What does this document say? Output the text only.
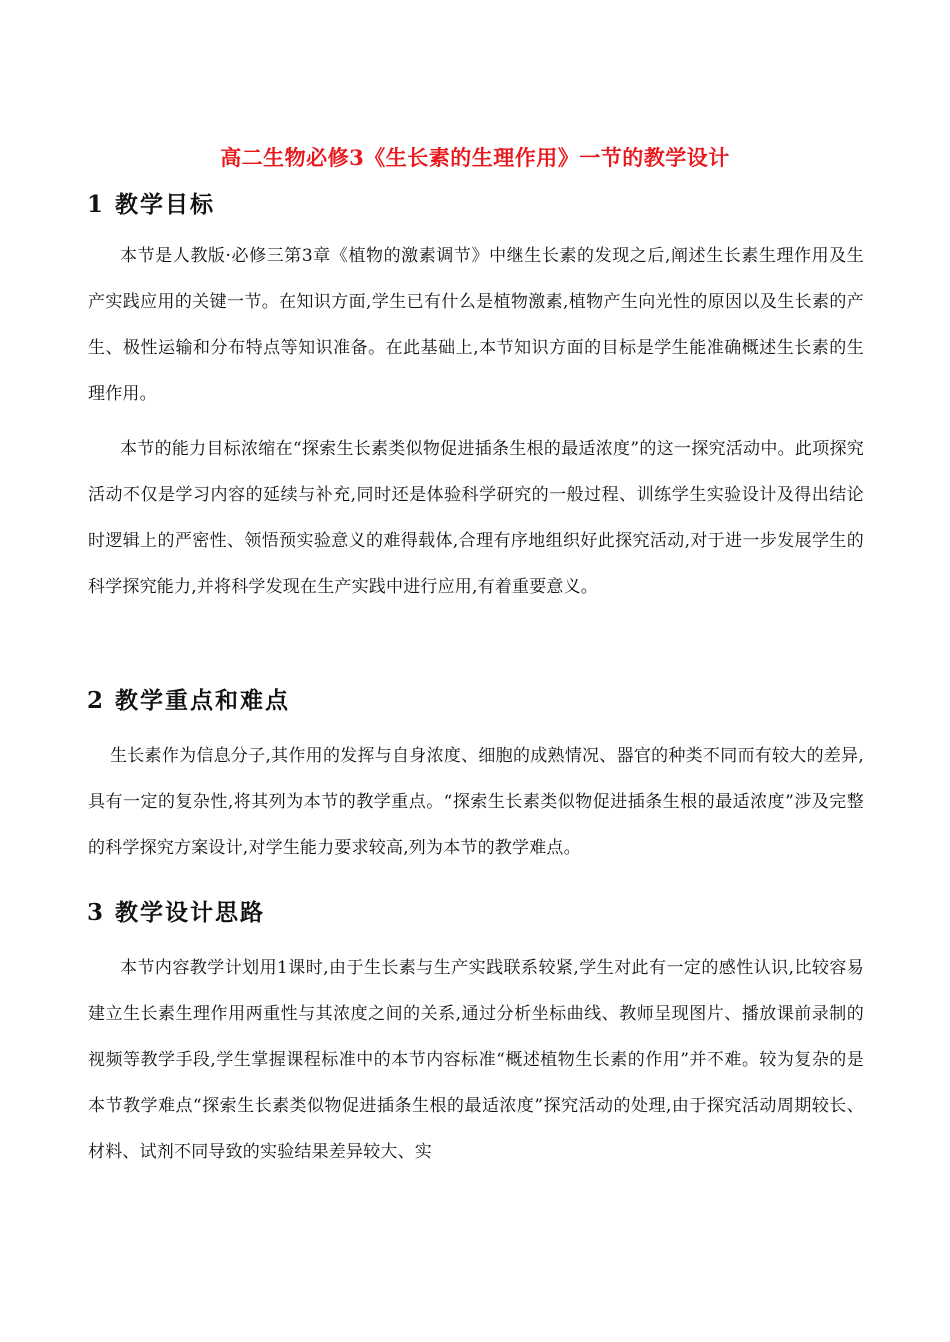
高二生物必修3《生长素的生理作用》一节的教学设计
1 教学目标
本节是人教版·必修三第3章《植物的激素调节》中继生长素的发现之后,阐述生长素生理作用及生产实践应用的关键一节。在知识方面,学生已有什么是植物激素,植物产生向光性的原因以及生长素的产生、极性运输和分布特点等知识准备。在此基础上,本节知识方面的目标是学生能准确概述生长素的生理作用。
本节的能力目标浓缩在“探索生长素类似物促进插条生根的最适浓度”的这一探究活动中。此项探究活动不仅是学习内容的延续与补充,同时还是体验科学研究的一般过程、训练学生实验设计及得出结论时逻辑上的严密性、领悟预实验意义的难得载体,合理有序地组织好此探究活动,对于进一步发展学生的科学探究能力,并将科学发现在生产实践中进行应用,有着重要意义。
2 教学重点和难点
生长素作为信息分子,其作用的发挥与自身浓度、细胞的成熟情况、器官的种类不同而有较大的差异,具有一定的复杂性,将其列为本节的教学重点。“探索生长素类似物促进插条生根的最适浓度”涉及完整的科学探究方案设计,对学生能力要求较高,列为本节的教学难点。
3 教学设计思路
本节内容教学计划用1课时,由于生长素与生产实践联系较紧,学生对此有一定的感性认识,比较容易建立生长素生理作用两重性与其浓度之间的关系,通过分析坐标曲线、教师呈现图片、播放课前录制的视频等教学手段,学生掌握课程标准中的本节内容标准“概述植物生长素的作用”并不难。较为复杂的是本节教学难点“探索生长素类似物促进插条生根的最适浓度”探究活动的处理,由于探究活动周期较长、材料、试剂不同导致的实验结果差异较大、实
